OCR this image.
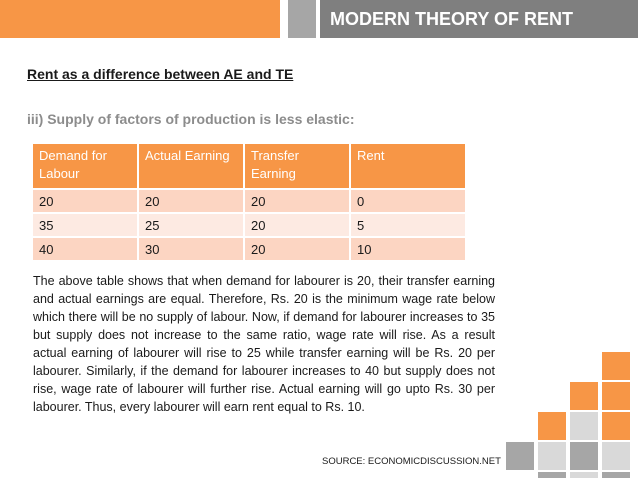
MODERN THEORY OF RENT
Rent as a difference between AE and TE
iii) Supply of factors of production is less elastic:
Demand for Labour	Actual Earning	Transfer Earning	Rent
20	20	20	0
35	25	20	5
40	30	20	10
The above table shows that when demand for labourer is 20, their transfer earning and actual earnings are equal. Therefore, Rs. 20 is the minimum wage rate below which there will be no supply of labour. Now, if demand for labourer increases to 35 but supply does not increase to the same ratio, wage rate will rise. As a result actual earning of labourer will rise to 25 while transfer earning will be Rs. 20 per labourer. Similarly, if the demand for labourer increases to 40 but supply does not rise, wage rate of labourer will further rise. Actual earning will go upto Rs. 30 per labourer. Thus, every labourer will earn rent equal to Rs. 10.
SOURCE: ECONOMICDISCUSSION.NET
